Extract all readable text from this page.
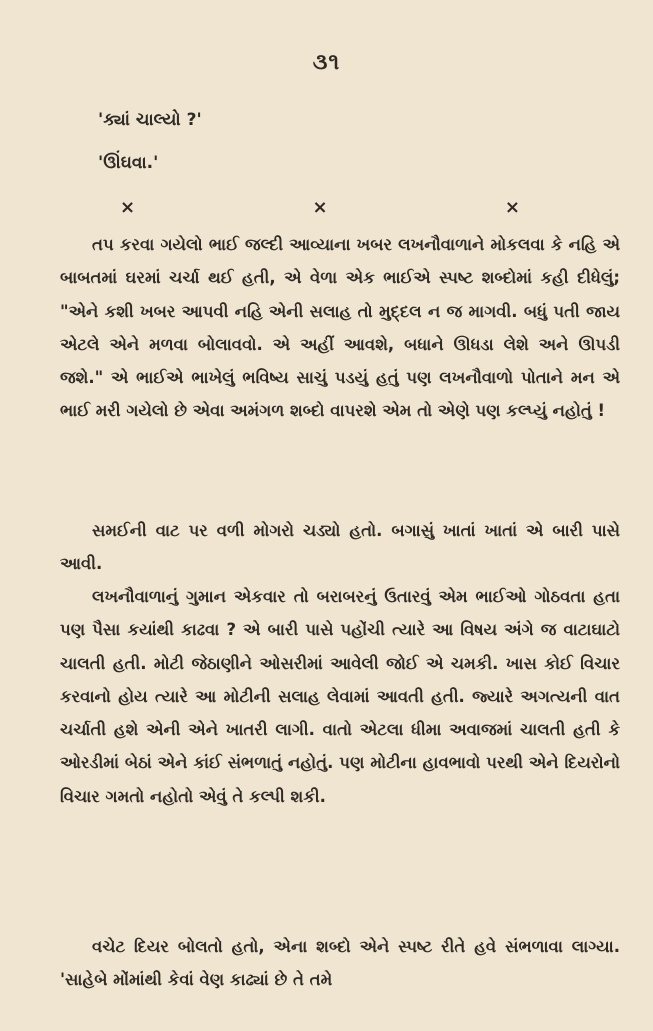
૩૧
'ક્યાં ચાલ્યો ?'
'ઊંઘવા.'
×	×	×

તપ કરવા ગયેલો ભાઈ જલ્દી આવ્યાના ખબર લખનૌવાળાને મોકલવા કે નહિ એ બાબતમાં ઘરમાં ચર્ચા થઈ હતી, એ વેળા એક ભાઈએ સ્પષ્ટ શબ્દોમાં કહી દીધેલું; "એને કશી ખબર આપવી નહિ એની સલાહ તો મુદ્દલ ન જ માગવી. બધું પતી જાય એટલે એને મળવા બોલાવવો. એ અહીં આવશે, બધાને ઊધડા લેશે અને ઊપડી જશે." એ ભાઈએ ભાખેલું ભવિષ્ય સાચું પડયું હતું પણ લખનૌવાળો પોતાને મન એ ભાઈ મરી ગયેલો છે એવા અમંગળ શબ્દો વાપરશે એમ તો એણે પણ કલ્પ્યું નહોતું !

સમઈની વાટ પર વળી મોગરો ચડ્યો હતો. બગાસું ખાતાં ખાતાં એ બારી પાસે આવી.

લખનૌવાળાનું ગુમાન એકવાર તો બરાબરનું ઉતારવું એમ ભાઈઓ ગોઠવતા હતા પણ પૈસા કયાંથી કાઢવા ? એ બારી પાસે પહોંચી ત્યારે આ વિષય અંગે જ વાટાઘાટો ચાલતી હતી. મોટી જેઠાણીને ઓસરીમાં આવેલી જોઈ એ ચમકી. ખાસ કોઈ વિચાર કરવાનો હોય ત્યારે આ મોટીની સલાહ લેવામાં આવતી હતી. જ્યારે અગત્યની વાત ચર્ચાતી હશે એની એને ખાતરી લાગી. વાતો એટલા ધીમા અવાજમાં ચાલતી હતી કે ઓરડીમાં બેઠાં એને કાંઈ સંભળાતું નહોતું. પણ મોટીના હાવભાવો પરથી એને દિયરોનો વિચાર ગમતો નહોતો એવું તે કલ્પી શકી.

વચેટ દિયર બોલતો હતો, એના શબ્દો એને સ્પષ્ટ રીતે હવે સંભળાવા લાગ્યા. 'સાહેબે મોંમાંથી કેવાં વેણ કાઢ્યાં છે તે તમે
